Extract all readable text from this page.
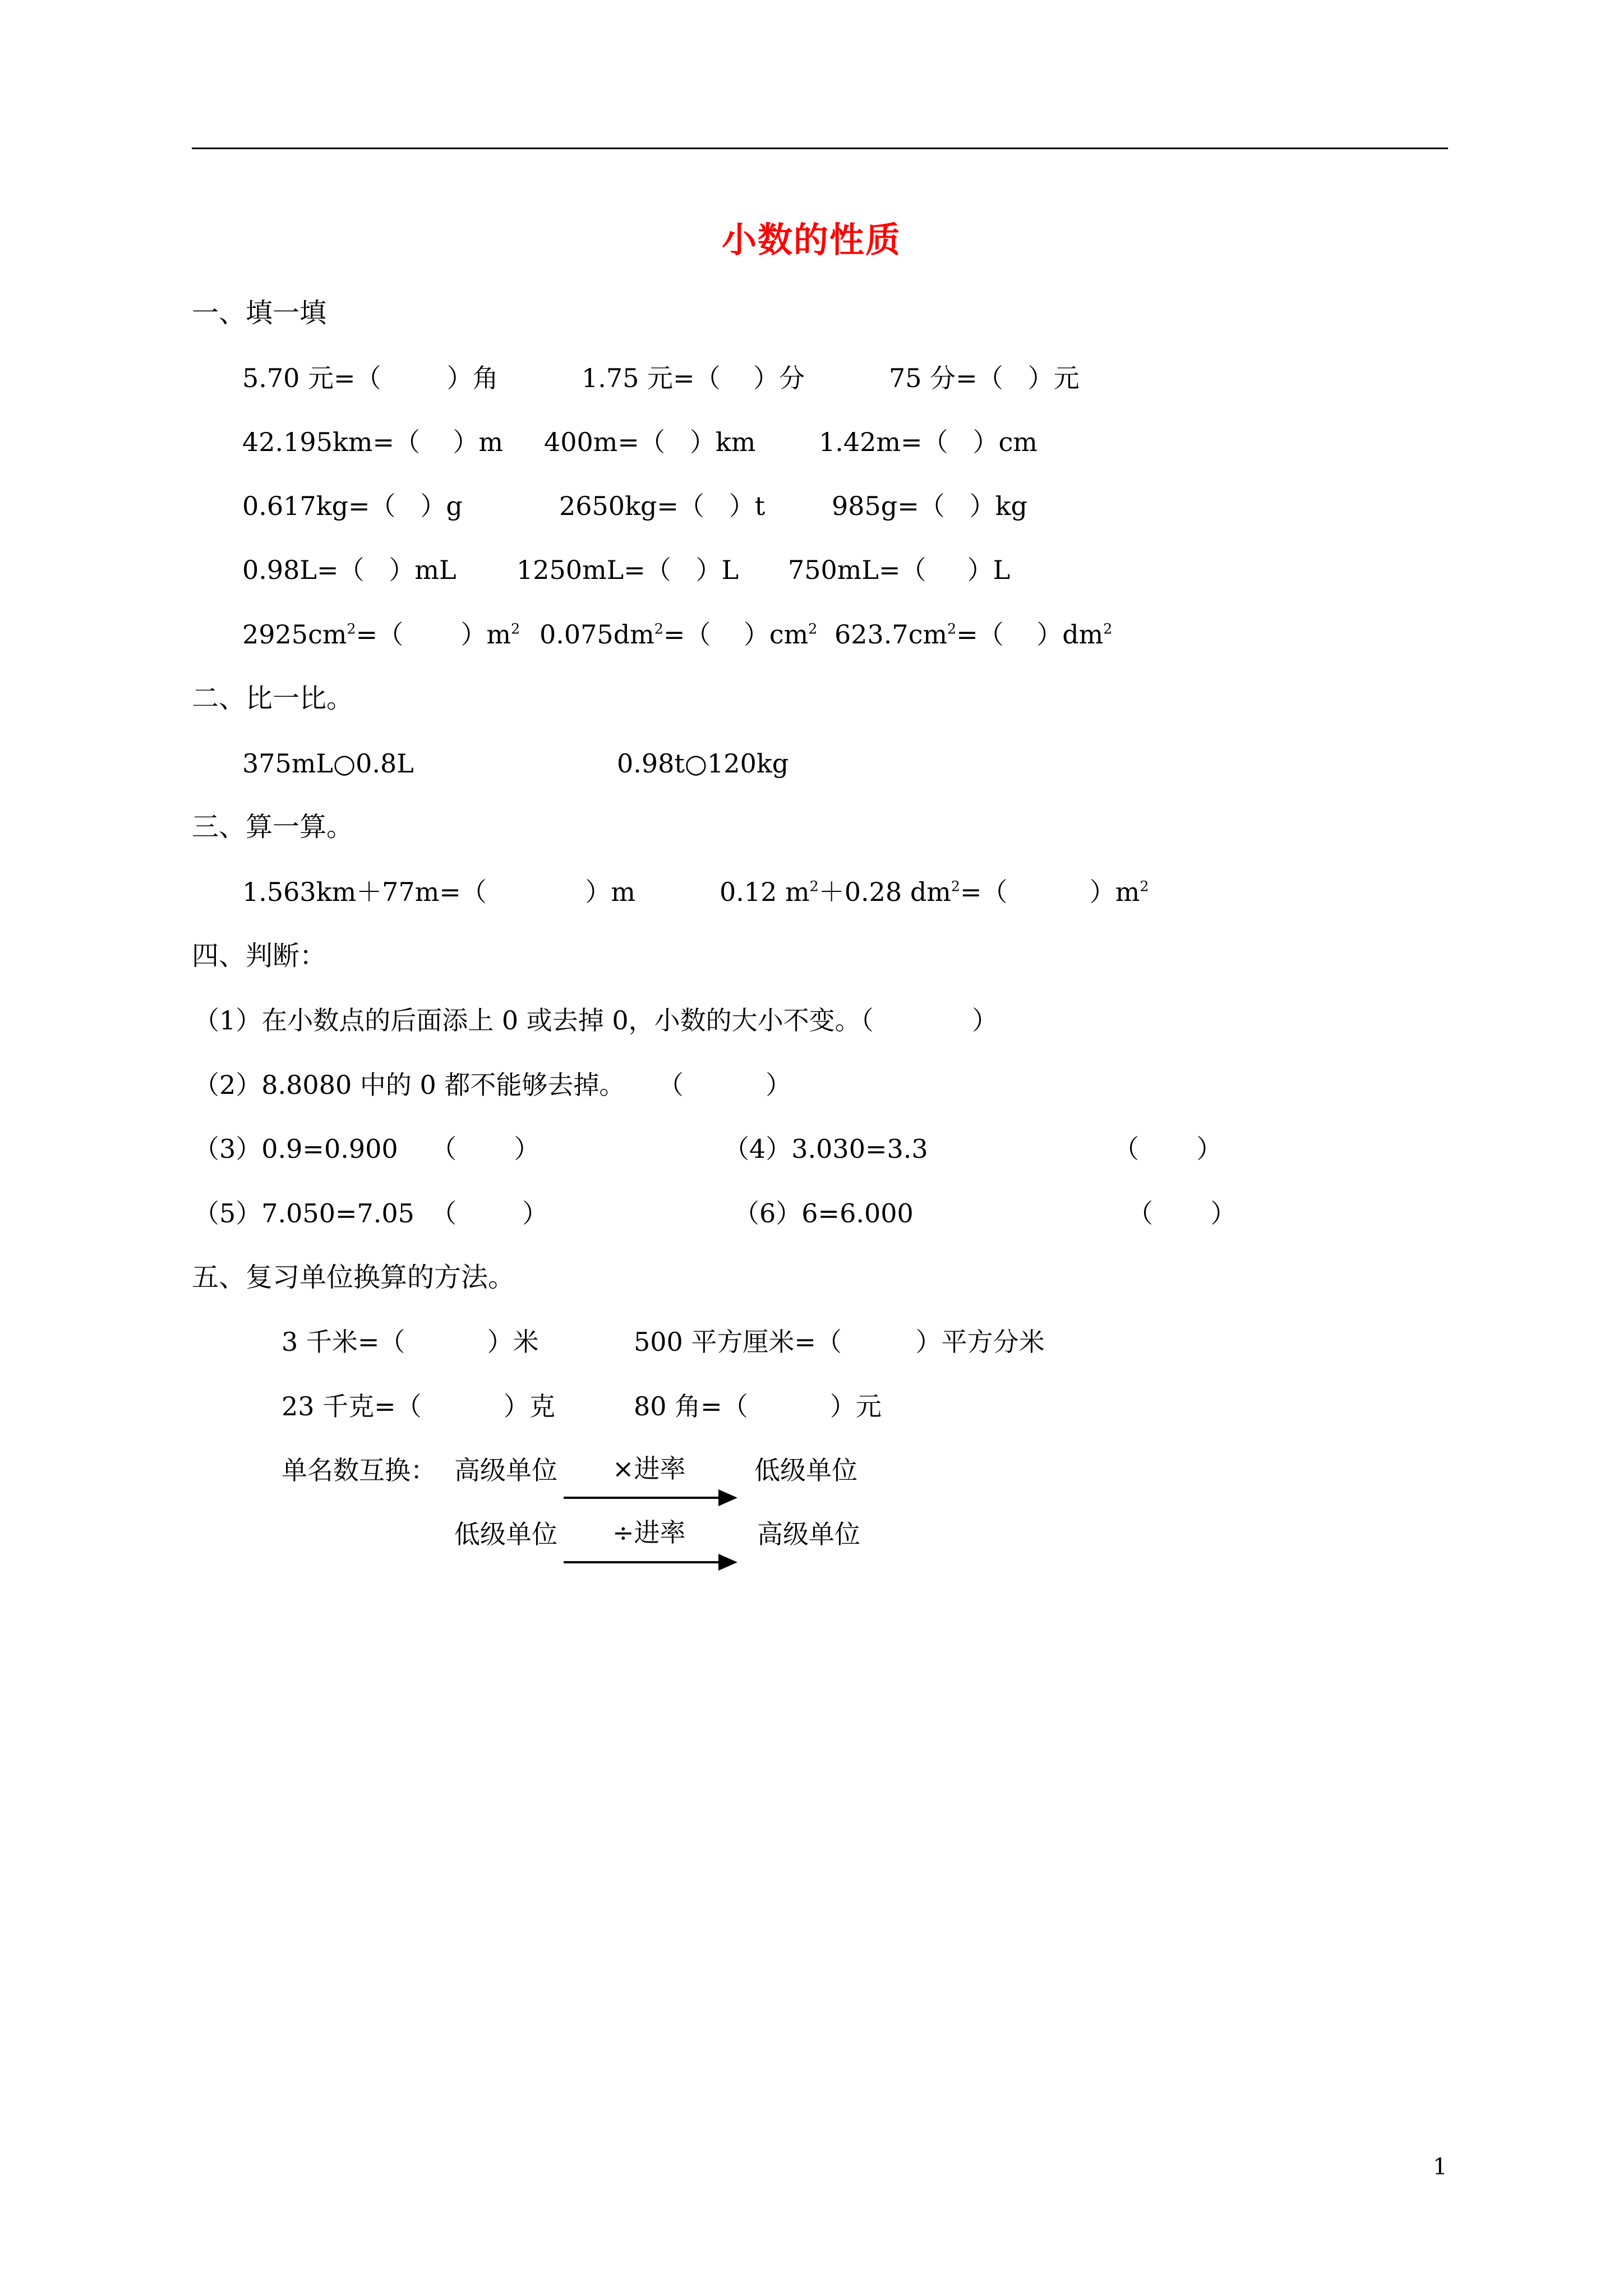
小数的性质
一、填一填
5.70 元=（        ）角	1.75 元=（    ）分	75 分=（   ）元
42.195km=（    ）m 400m=（   ）km 1.42m=（   ）cm
0.617kg=（   ）g	2650kg=（   ）t	985g=（   ）kg
0.98L=（   ）mL 1250mL=（   ）L 750mL=（     ）L
$2925cm^2=$（       ）$m^2$ $0.075dm^2=$（    ）$cm^2$ $623.7cm^2=$（    ）$dm^2$
二、比一比。
375mL○0.8L	0.98t○120kg
三、算一算。
1.563km＋77m=（            ）m	0.12 $m^2+0.28$ $dm^2=$（          ）$m^2$
四、判断：
（1）在小数点的后面添上 0 或去掉 0，小数的大小不变。（            ）
（2）8.8080 中的 0 都不能够去掉。    （          ）
（3）0.9=0.900    （       ）	（4）3.030=3.3	（       ）
（5）7.050=7.05  （        ）	（6）6=6.000	（       ）
五、复习单位换算的方法。
3 千米=（          ）米	500 平方厘米=（         ）平方分米
23 千克=（          ）克	80 角=（          ）元
单名数互换： 高级单位 ×进率	低级单位
低级单位 ÷进率	高级单位
1
